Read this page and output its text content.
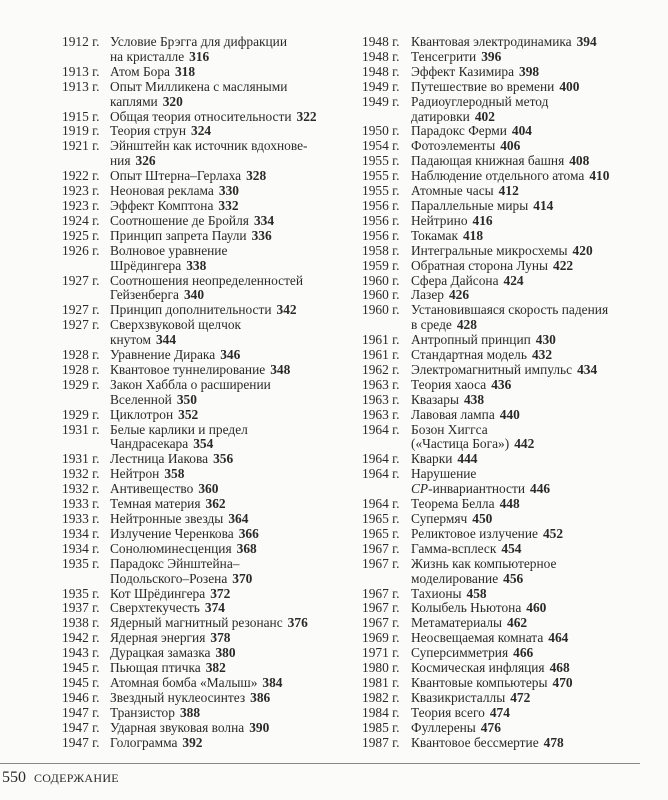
1912 г. Условие Брэгга для дифракции
на кристалле 316
1913 г. Атом Бора 318
1913 г. Опыт Милликена с масляными
каплями 320
1915 г. Общая теория относительности 322
1919 г. Теория струн 324
1921 г. Эйнштейн как источник вдохнове-
ния 326
1922 г. Опыт Штерна–Герлаха 328
1923 г. Неоновая реклама 330
1923 г. Эффект Комптона 332
1924 г. Соотношение де Бройля 334
1925 г. Принцип запрета Паули 336
1926 г. Волновое уравнение
Шрёдингера 338
1927 г. Соотношения неопределенностей
Гейзенберга 340
1927 г. Принцип дополнительности 342
1927 г. Сверхзвуковой щелчок
кнутом 344
1928 г. Уравнение Дирака 346
1928 г. Квантовое туннелирование 348
1929 г. Закон Хаббла о расширении
Вселенной 350
1929 г. Циклотрон 352
1931 г. Белые карлики и предел
Чандрасекара 354
1931 г. Лестница Иакова 356
1932 г. Нейтрон 358
1932 г. Антивещество 360
1933 г. Темная материя 362
1933 г. Нейтронные звезды 364
1934 г. Излучение Черенкова 366
1934 г. Сонолюминесценция 368
1935 г. Парадокс Эйнштейна–
Подольского–Розена 370
1935 г. Кот Шрёдингера 372
1937 г. Сверхтекучесть 374
1938 г. Ядерный магнитный резонанс 376
1942 г. Ядерная энергия 378
1943 г. Дурацкая замазка 380
1945 г. Пьющая птичка 382
1945 г. Атомная бомба «Малыш» 384
1946 г. Звездный нуклеосинтез 386
1947 г. Транзистор 388
1947 г. Ударная звуковая волна 390
1947 г. Голограмма 392
1948 г. Квантовая электродинамика 394
1948 г. Тенсегрити 396
1948 г. Эффект Казимира 398
1949 г. Путешествие во времени 400
1949 г. Радиоуглеродный метод
датировки 402
1950 г. Парадокс Ферми 404
1954 г. Фотоэлементы 406
1955 г. Падающая книжная башня 408
1955 г. Наблюдение отдельного атома 410
1955 г. Атомные часы 412
1956 г. Параллельные миры 414
1956 г. Нейтрино 416
1956 г. Токамак 418
1958 г. Интегральные микросхемы 420
1959 г. Обратная сторона Луны 422
1960 г. Сфера Дайсона 424
1960 г. Лазер 426
1960 г. Установившаяся скорость падения
в среде 428
1961 г. Антропный принцип 430
1961 г. Стандартная модель 432
1962 г. Электромагнитный импульс 434
1963 г. Теория хаоса 436
1963 г. Квазары 438
1963 г. Лавовая лампа 440
1964 г. Бозон Хиггса
(«Частица Бога») 442
1964 г. Кварки 444
1964 г. Нарушение
CP-инвариантности 446
1964 г. Теорема Белла 448
1965 г. Супермяч 450
1965 г. Реликтовое излучение 452
1967 г. Гамма-всплеск 454
1967 г. Жизнь как компьютерное
моделирование 456
1967 г. Тахионы 458
1967 г. Колыбель Ньютона 460
1967 г. Метаматериалы 462
1969 г. Неосвещаемая комната 464
1971 г. Суперсимметрия 466
1980 г. Космическая инфляция 468
1981 г. Квантовые компьютеры 470
1982 г. Квазикристаллы 472
1984 г. Теория всего 474
1985 г. Фуллерены 476
1987 г. Квантовое бессмертие 478
550 СОДЕРЖАНИЕ
